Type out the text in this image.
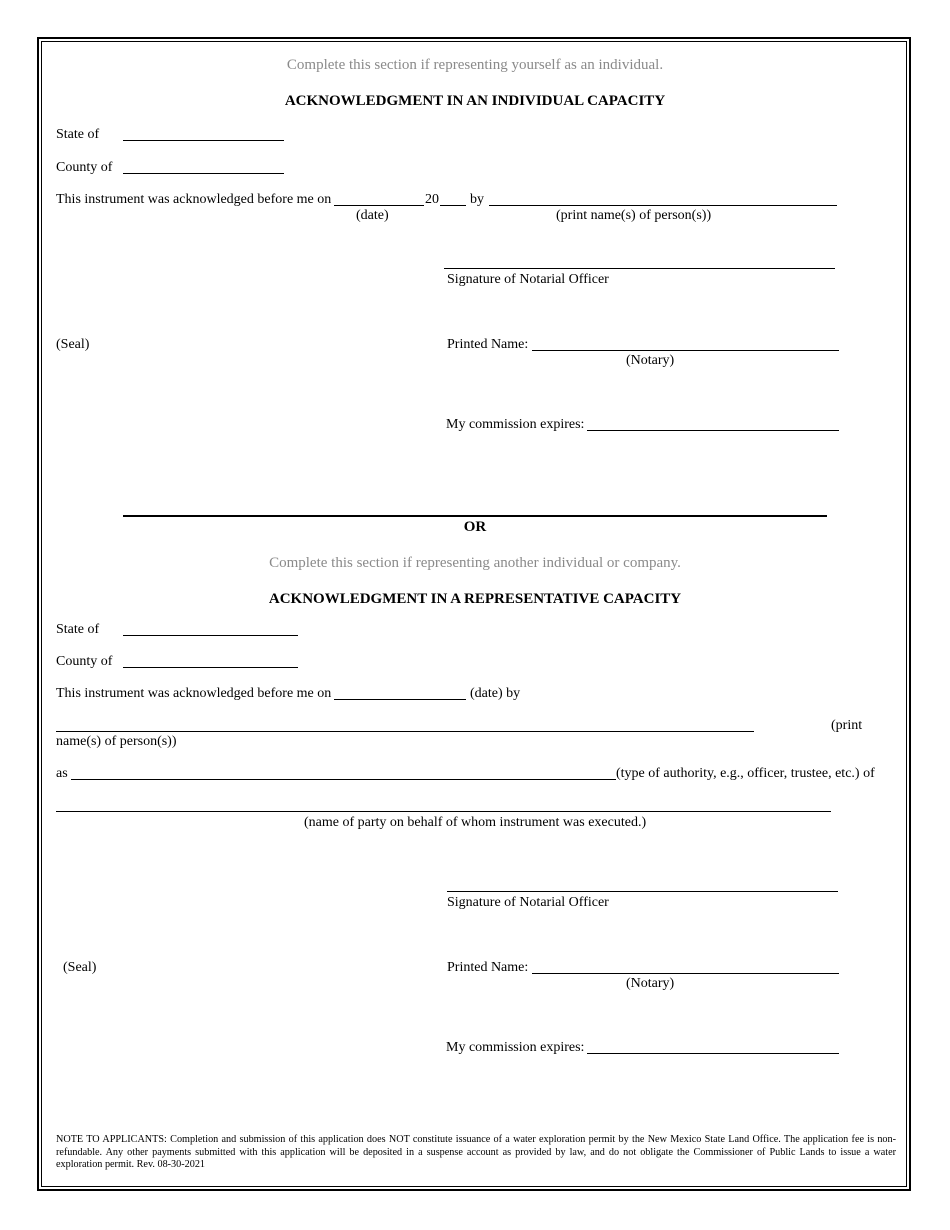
Complete this section if representing yourself as an individual.
ACKNOWLEDGMENT IN AN INDIVIDUAL CAPACITY
State of
County of
This instrument was acknowledged before me on	20 by
(date)	(print name(s) of person(s))
Signature of Notarial Officer
(Seal)	Printed Name:
(Notary)
My commission expires:
OR
Complete this section if representing another individual or company.
ACKNOWLEDGMENT IN A REPRESENTATIVE CAPACITY
State of
County of
This instrument was acknowledged before me on	(date) by
(print
name(s) of person(s))
as	(type of authority, e.g., officer, trustee, etc.) of
(name of party on behalf of whom instrument was executed.)
Signature of Notarial Officer
(Seal)	Printed Name:
(Notary)
My commission expires:
NOTE TO APPLICANTS: Completion and submission of this application does NOT constitute issuance of a water exploration permit by the New Mexico State Land Office. The application fee is non-refundable. Any other payments submitted with this application will be deposited in a suspense account as provided by law, and do not obligate the Commissioner of Public Lands to issue a water exploration permit. Rev. 08-30-2021
